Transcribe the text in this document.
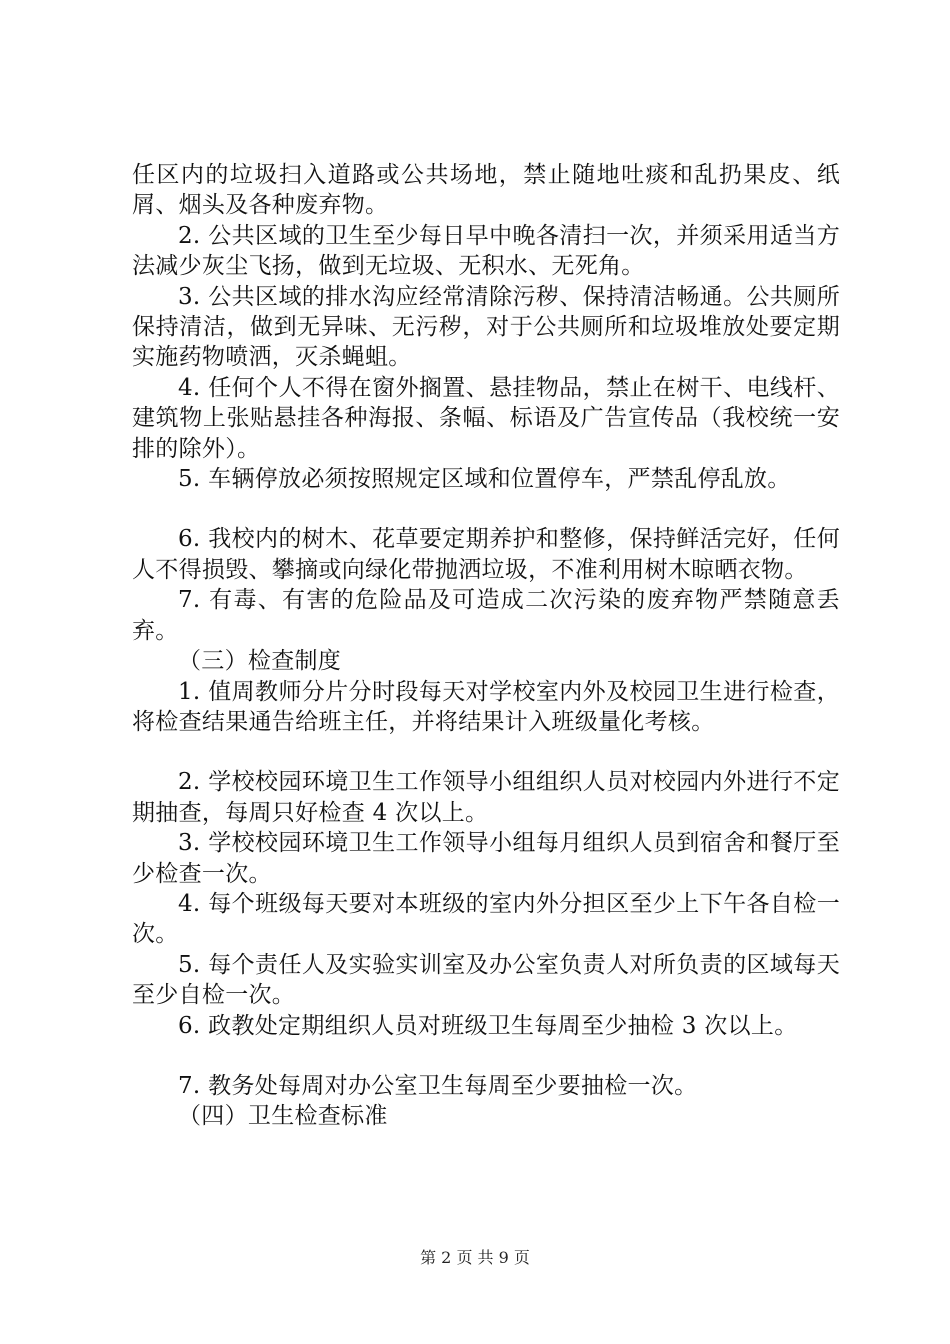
任区内的垃圾扫入道路或公共场地，禁止随地吐痰和乱扔果皮、纸屑、烟头及各种废弃物。

2. 公共区域的卫生至少每日早中晚各清扫一次，并须采用适当方法减少灰尘飞扬，做到无垃圾、无积水、无死角。

3. 公共区域的排水沟应经常清除污秽、保持清洁畅通。公共厕所保持清洁，做到无异味、无污秽，对于公共厕所和垃圾堆放处要定期实施药物喷洒，灭杀蝇蛆。

4. 任何个人不得在窗外搁置、悬挂物品，禁止在树干、电线杆、建筑物上张贴悬挂各种海报、条幅、标语及广告宣传品（我校统一安排的除外）。

5. 车辆停放必须按照规定区域和位置停车，严禁乱停乱放。

6. 我校内的树木、花草要定期养护和整修，保持鲜活完好，任何人不得损毁、攀摘或向绿化带抛洒垃圾，不准利用树木晾晒衣物。

7. 有毒、有害的危险品及可造成二次污染的废弃物严禁随意丢弃。

（三）检查制度

1. 值周教师分片分时段每天对学校室内外及校园卫生进行检查，将检查结果通告给班主任，并将结果计入班级量化考核。

2. 学校校园环境卫生工作领导小组组织人员对校园内外进行不定期抽查，每周只好检查 4 次以上。

3. 学校校园环境卫生工作领导小组每月组织人员到宿舍和餐厅至少检查一次。

4. 每个班级每天要对本班级的室内外分担区至少上下午各自检一次。

5. 每个责任人及实验实训室及办公室负责人对所负责的区域每天至少自检一次。

6. 政教处定期组织人员对班级卫生每周至少抽检 3 次以上。

7. 教务处每周对办公室卫生每周至少要抽检一次。

（四）卫生检查标准

第 2 页 共 9 页
